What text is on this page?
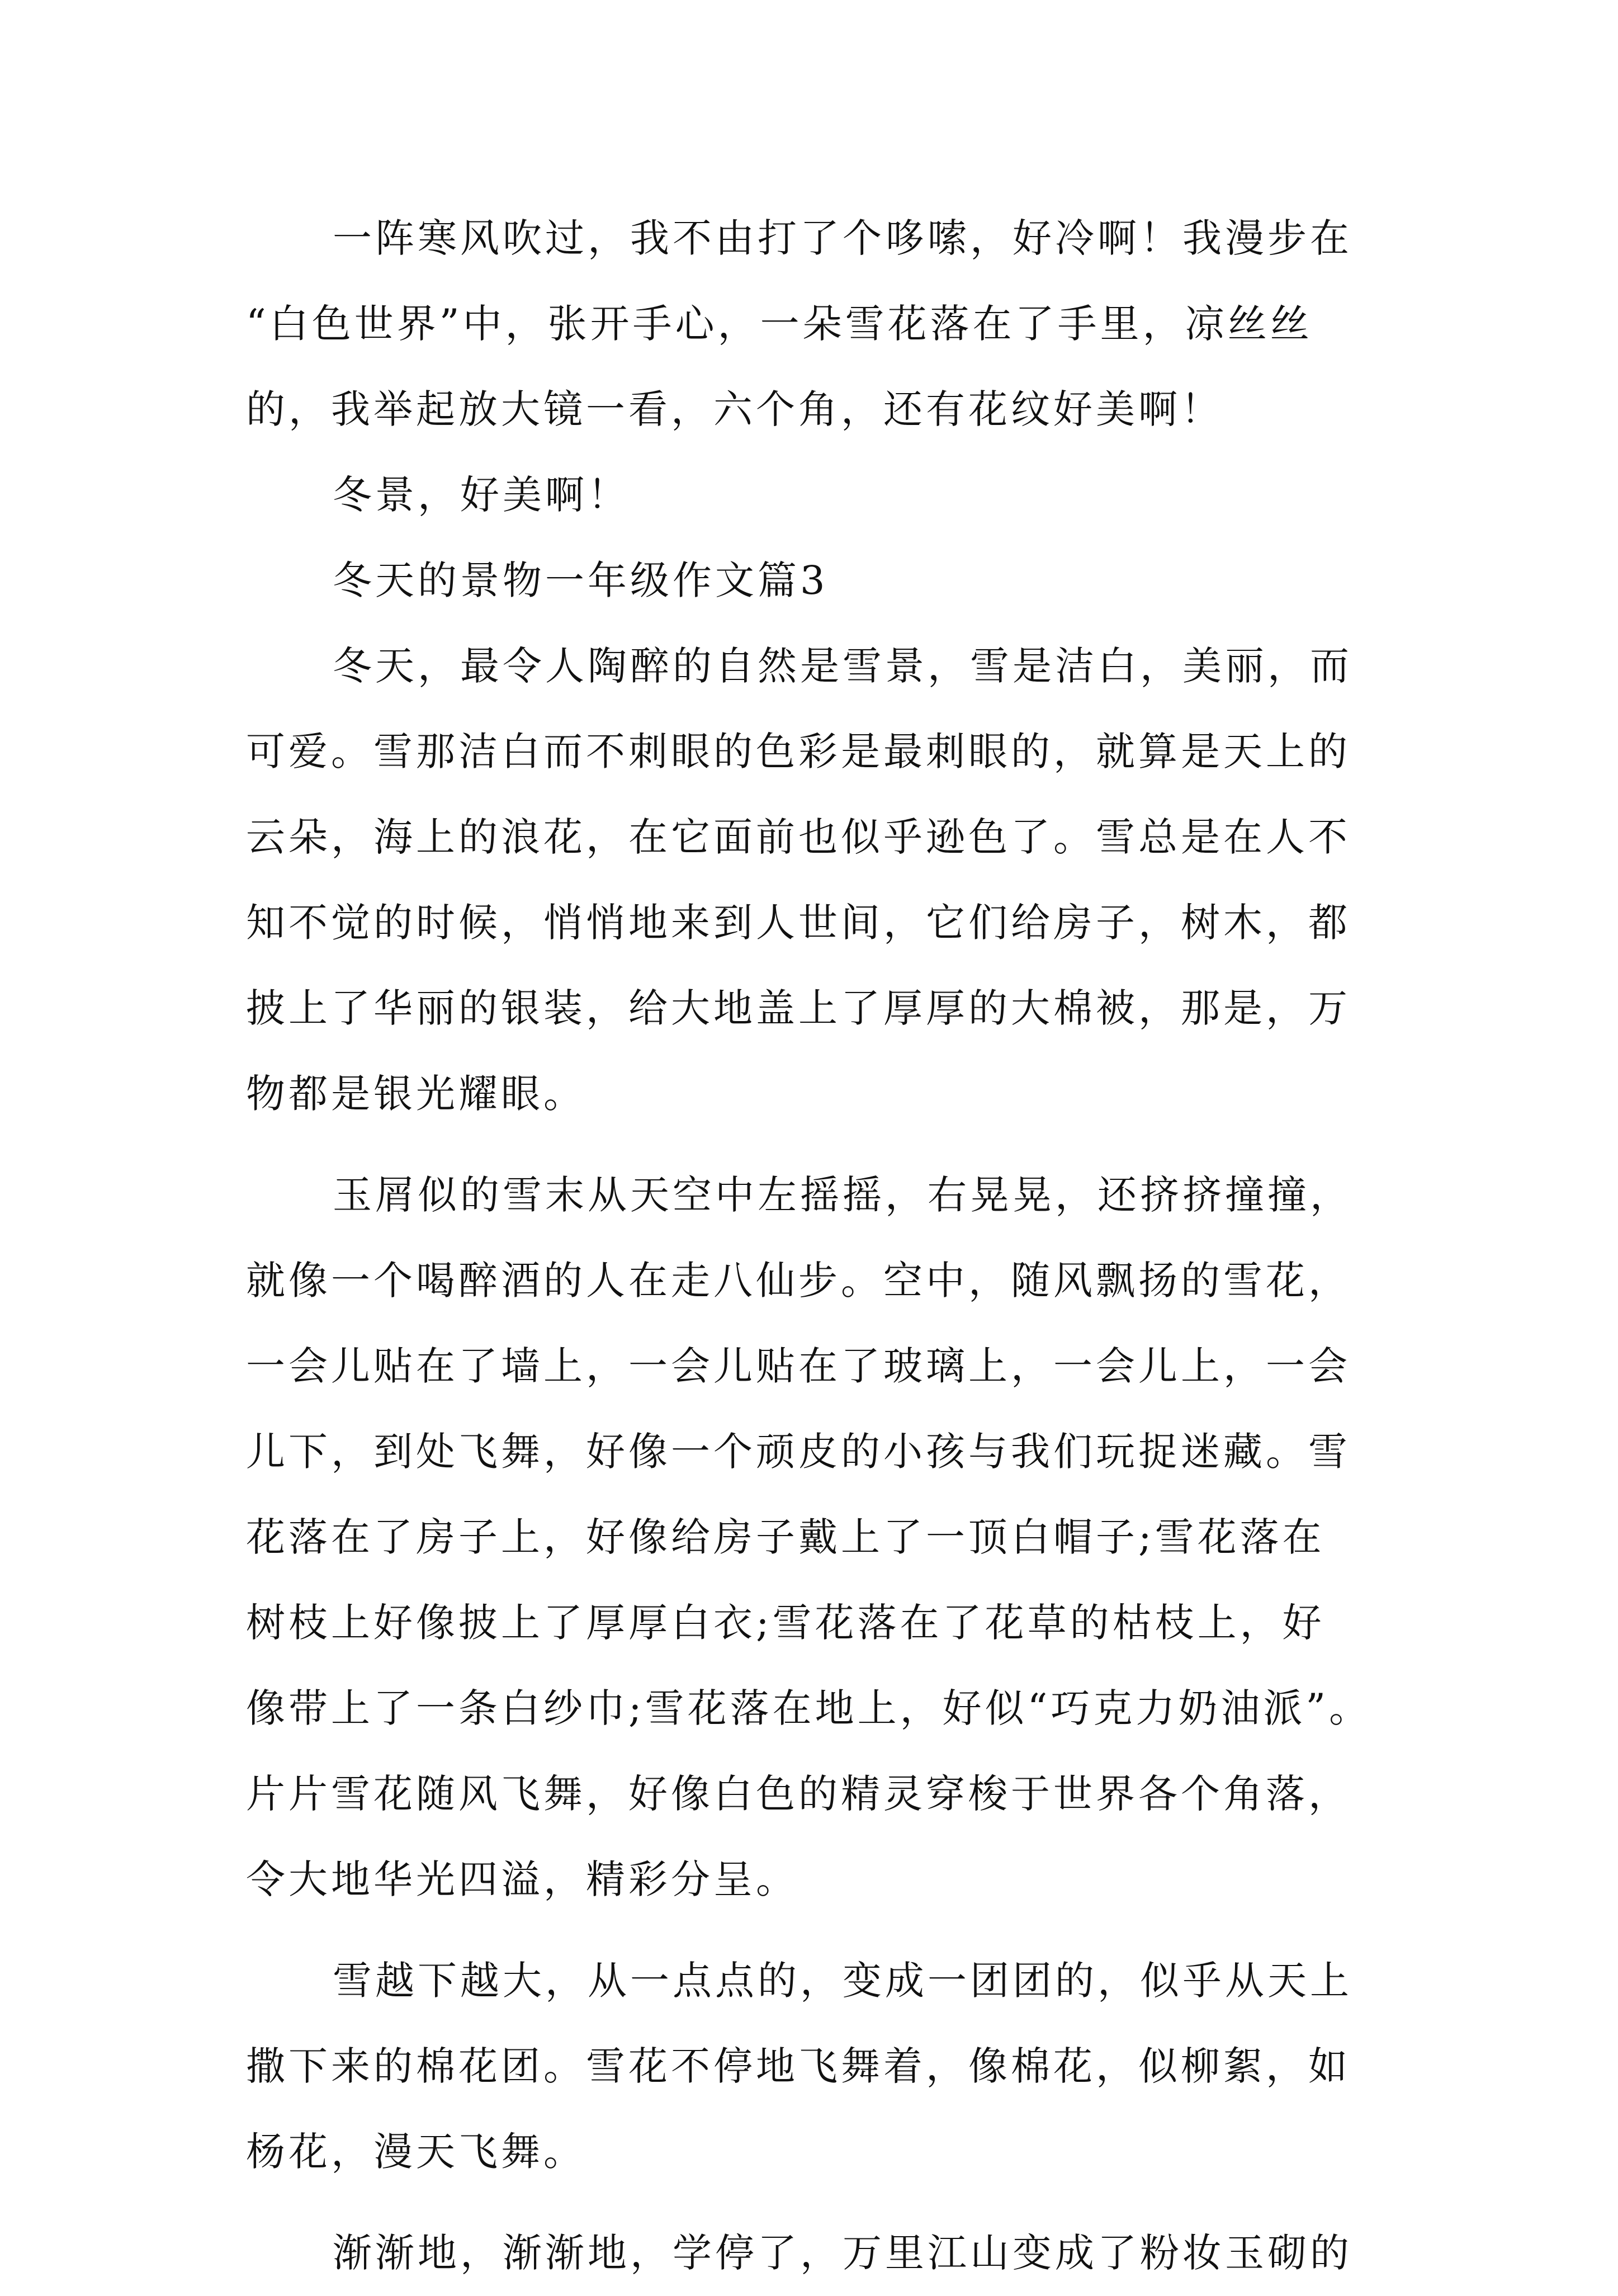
一阵寒风吹过，我不由打了个哆嗦，好冷啊！我漫步在
“白色世界”中，张开手心，一朵雪花落在了手里，凉丝丝
的，我举起放大镜一看，六个角，还有花纹好美啊！
冬景，好美啊！
冬天的景物一年级作文篇3
冬天，最令人陶醉的自然是雪景，雪是洁白，美丽，而
可爱。雪那洁白而不刺眼的色彩是最刺眼的，就算是天上的
云朵，海上的浪花，在它面前也似乎逊色了。雪总是在人不
知不觉的时候，悄悄地来到人世间，它们给房子，树木，都
披上了华丽的银装，给大地盖上了厚厚的大棉被，那是，万
物都是银光耀眼。
玉屑似的雪末从天空中左摇摇，右晃晃，还挤挤撞撞，
就像一个喝醉酒的人在走八仙步。空中，随风飘扬的雪花，
一会儿贴在了墙上，一会儿贴在了玻璃上，一会儿上，一会
儿下，到处飞舞，好像一个顽皮的小孩与我们玩捉迷藏。雪
花落在了房子上，好像给房子戴上了一顶白帽子;雪花落在
树枝上好像披上了厚厚白衣;雪花落在了花草的枯枝上，好
像带上了一条白纱巾;雪花落在地上，好似“巧克力奶油派”。
片片雪花随风飞舞，好像白色的精灵穿梭于世界各个角落，
令大地华光四溢，精彩分呈。
雪越下越大，从一点点的，变成一团团的，似乎从天上
撒下来的棉花团。雪花不停地飞舞着，像棉花，似柳絮，如
杨花，漫天飞舞。
渐渐地，渐渐地，学停了，万里江山变成了粉妆玉砌的
